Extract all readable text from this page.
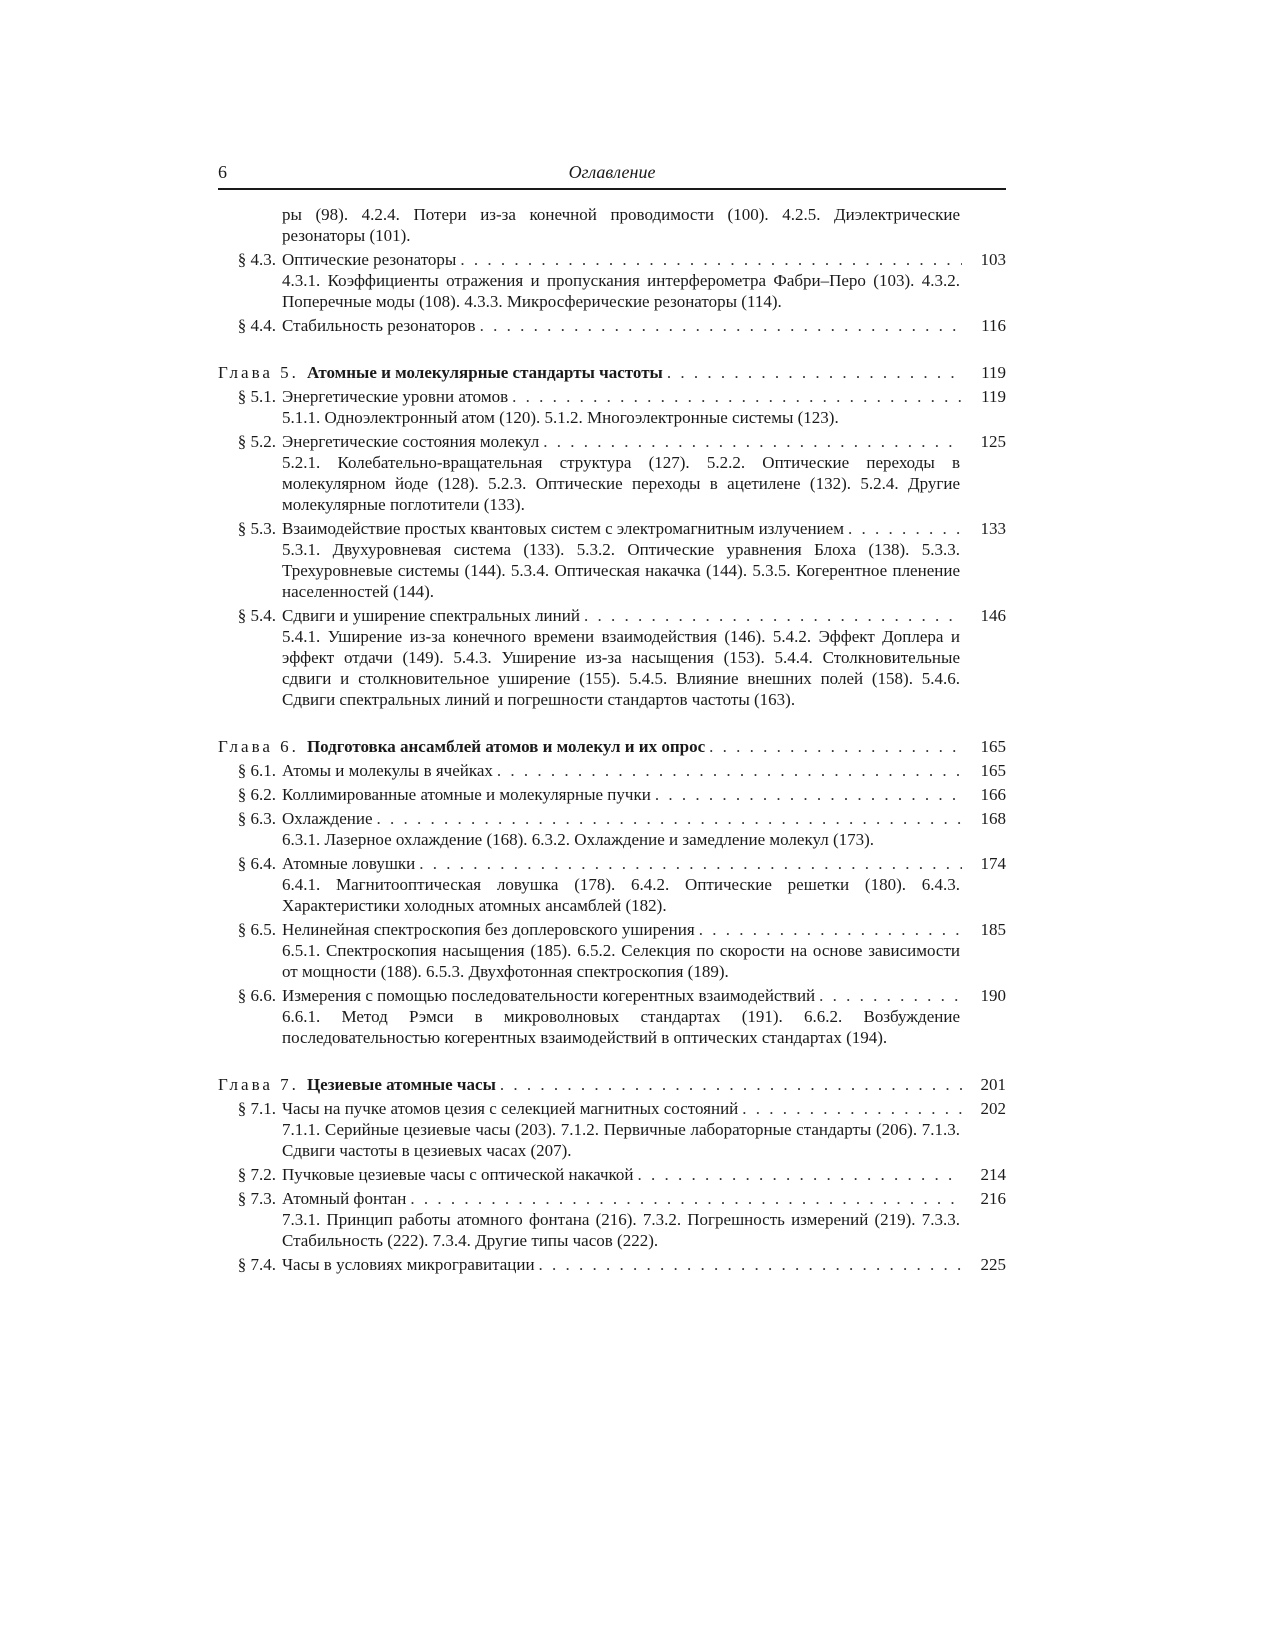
6	Оглавление
ры (98). 4.2.4. Потери из-за конечной проводимости (100). 4.2.5. Диэлектрические резонаторы (101).
§ 4.3. Оптические резонаторы . . .	103
4.3.1. Коэффициенты отражения и пропускания интерферометра Фабри–Перо (103). 4.3.2. Поперечные моды (108). 4.3.3. Микросферические резонаторы (114).
§ 4.4. Стабильность резонаторов . . .	116
Глава 5. Атомные и молекулярные стандарты частоты . . .	119
§ 5.1. Энергетические уровни атомов . . .	119
5.1.1. Одноэлектронный атом (120). 5.1.2. Многоэлектронные системы (123).
§ 5.2. Энергетические состояния молекул . . .	125
5.2.1. Колебательно-вращательная структура (127). 5.2.2. Оптические переходы в молекулярном йоде (128). 5.2.3. Оптические переходы в ацетилене (132). 5.2.4. Другие молекулярные поглотители (133).
§ 5.3. Взаимодействие простых квантовых систем с электромагнитным излучением . . .	133
5.3.1. Двухуровневая система (133). 5.3.2. Оптические уравнения Блоха (138). 5.3.3. Трехуровневые системы (144). 5.3.4. Оптическая накачка (144). 5.3.5. Когерентное пленение населенностей (144).
§ 5.4. Сдвиги и уширение спектральных линий . . .	146
5.4.1. Уширение из-за конечного времени взаимодействия (146). 5.4.2. Эффект Доплера и эффект отдачи (149). 5.4.3. Уширение из-за насыщения (153). 5.4.4. Столкновительные сдвиги и столкновительное уширение (155). 5.4.5. Влияние внешних полей (158). 5.4.6. Сдвиги спектральных линий и погрешности стандартов частоты (163).
Глава 6. Подготовка ансамблей атомов и молекул и их опрос . . .	165
§ 6.1. Атомы и молекулы в ячейках . . .	165
§ 6.2. Коллимированные атомные и молекулярные пучки . . .	166
§ 6.3. Охлаждение . . .	168
6.3.1. Лазерное охлаждение (168). 6.3.2. Охлаждение и замедление молекул (173).
§ 6.4. Атомные ловушки . . .	174
6.4.1. Магнитооптическая ловушка (178). 6.4.2. Оптические решетки (180). 6.4.3. Характеристики холодных атомных ансамблей (182).
§ 6.5. Нелинейная спектроскопия без доплеровского уширения . . .	185
6.5.1. Спектроскопия насыщения (185). 6.5.2. Селекция по скорости на основе зависимости от мощности (188). 6.5.3. Двухфотонная спектроскопия (189).
§ 6.6. Измерения с помощью последовательности когерентных взаимодействий . . .	190
6.6.1. Метод Рэмси в микроволновых стандартах (191). 6.6.2. Возбуждение последовательностью когерентных взаимодействий в оптических стандартах (194).
Глава 7. Цезиевые атомные часы . . .	201
§ 7.1. Часы на пучке атомов цезия с селекцией магнитных состояний . . .	202
7.1.1. Серийные цезиевые часы (203). 7.1.2. Первичные лабораторные стандарты (206). 7.1.3. Сдвиги частоты в цезиевых часах (207).
§ 7.2. Пучковые цезиевые часы с оптической накачкой . . .	214
§ 7.3. Атомный фонтан . . .	216
7.3.1. Принцип работы атомного фонтана (216). 7.3.2. Погрешность измерений (219). 7.3.3. Стабильность (222). 7.3.4. Другие типы часов (222).
§ 7.4. Часы в условиях микрогравитации . . .	225
